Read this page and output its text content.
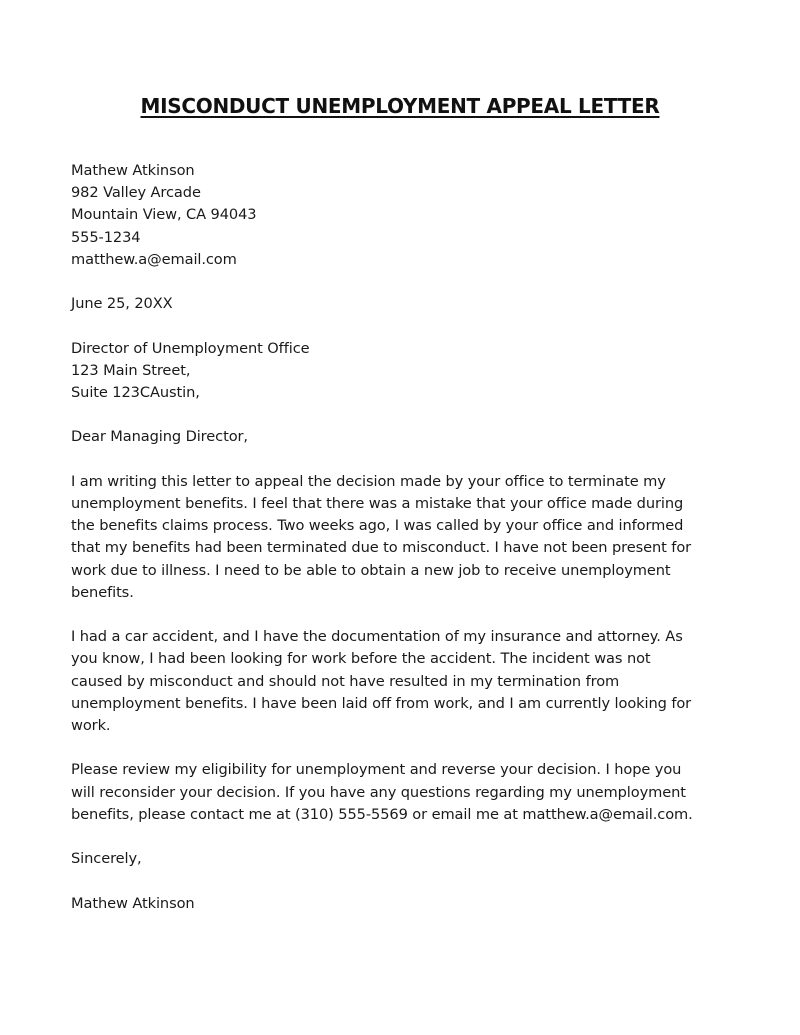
MISCONDUCT UNEMPLOYMENT APPEAL LETTER
Mathew Atkinson
982 Valley Arcade
Mountain View, CA 94043
555-1234
matthew.a@email.com
June 25, 20XX
Director of Unemployment Office
123 Main Street,
Suite 123CAustin,
Dear Managing Director,
I am writing this letter to appeal the decision made by your office to terminate my
unemployment benefits. I feel that there was a mistake that your office made during
the benefits claims process. Two weeks ago, I was called by your office and informed
that my benefits had been terminated due to misconduct. I have not been present for
work due to illness. I need to be able to obtain a new job to receive unemployment
benefits.
I had a car accident, and I have the documentation of my insurance and attorney. As
you know, I had been looking for work before the accident. The incident was not
caused by misconduct and should not have resulted in my termination from
unemployment benefits. I have been laid off from work, and I am currently looking for
work.
Please review my eligibility for unemployment and reverse your decision. I hope you
will reconsider your decision. If you have any questions regarding my unemployment
benefits, please contact me at (310) 555-5569 or email me at matthew.a@email.com.
Sincerely,
Mathew Atkinson
